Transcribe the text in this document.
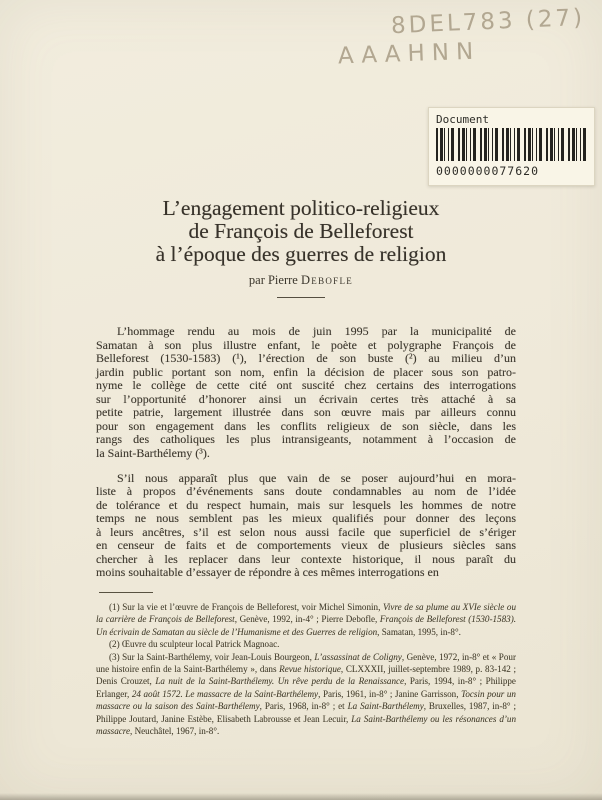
8DEL783 (27)
AAAHNN
Document
0000000077620
L’engagement politico-religieux
de François de Belleforest
à l’époque des guerres de religion
par Pierre Debofle
L’hommage rendu au mois de juin 1995 par la municipalité de
Samatan à son plus illustre enfant, le poète et polygraphe François de
Belleforest (1530-1583) (¹), l’érection de son buste (²) au milieu d’un
jardin public portant son nom, enfin la décision de placer sous son patro-
nyme le collège de cette cité ont suscité chez certains des interrogations
sur l’opportunité d’honorer ainsi un écrivain certes très attaché à sa
petite patrie, largement illustrée dans son œuvre mais par ailleurs connu
pour son engagement dans les conflits religieux de son siècle, dans les
rangs des catholiques les plus intransigeants, notamment à l’occasion de
la Saint-Barthélemy (³).
S’il nous apparaît plus que vain de se poser aujourd’hui en mora-
liste à propos d’événements sans doute condamnables au nom de l’idée
de tolérance et du respect humain, mais sur lesquels les hommes de notre
temps ne nous semblent pas les mieux qualifiés pour donner des leçons
à leurs ancêtres, s’il est selon nous aussi facile que superficiel de s’ériger
en censeur de faits et de comportements vieux de plusieurs siècles sans
chercher à les replacer dans leur contexte historique, il nous paraît du
moins souhaitable d’essayer de répondre à ces mêmes interrogations en
(1) Sur la vie et l’œuvre de François de Belleforest, voir Michel Simonin, Vivre de sa plume au XVIe siècle ou la carrière de François de Belleforest, Genève, 1992, in-4° ; Pierre Debofle, François de Belleforest (1530-1583). Un écrivain de Samatan au siècle de l’Humanisme et des Guerres de religion, Samatan, 1995, in-8°.
(2) Œuvre du sculpteur local Patrick Magnoac.
(3) Sur la Saint-Barthélemy, voir Jean-Louis Bourgeon, L’assassinat de Coligny, Genève, 1972, in-8° et « Pour une histoire enfin de la Saint-Barthélemy », dans Revue historique, CLXXXII, juillet-septembre 1989, p. 83-142 ; Denis Crouzet, La nuit de la Saint-Barthélemy. Un rêve perdu de la Renaissance, Paris, 1994, in-8° ; Philippe Erlanger, 24 août 1572. Le massacre de la Saint-Barthélemy, Paris, 1961, in-8° ; Janine Garrisson, Tocsin pour un massacre ou la saison des Saint-Barthélemy, Paris, 1968, in-8° ; et La Saint-Barthélemy, Bruxelles, 1987, in-8° ; Philippe Joutard, Janine Estèbe, Elisabeth Labrousse et Jean Lecuir, La Saint-Barthélemy ou les résonances d’un massacre, Neuchâtel, 1967, in-8°.
